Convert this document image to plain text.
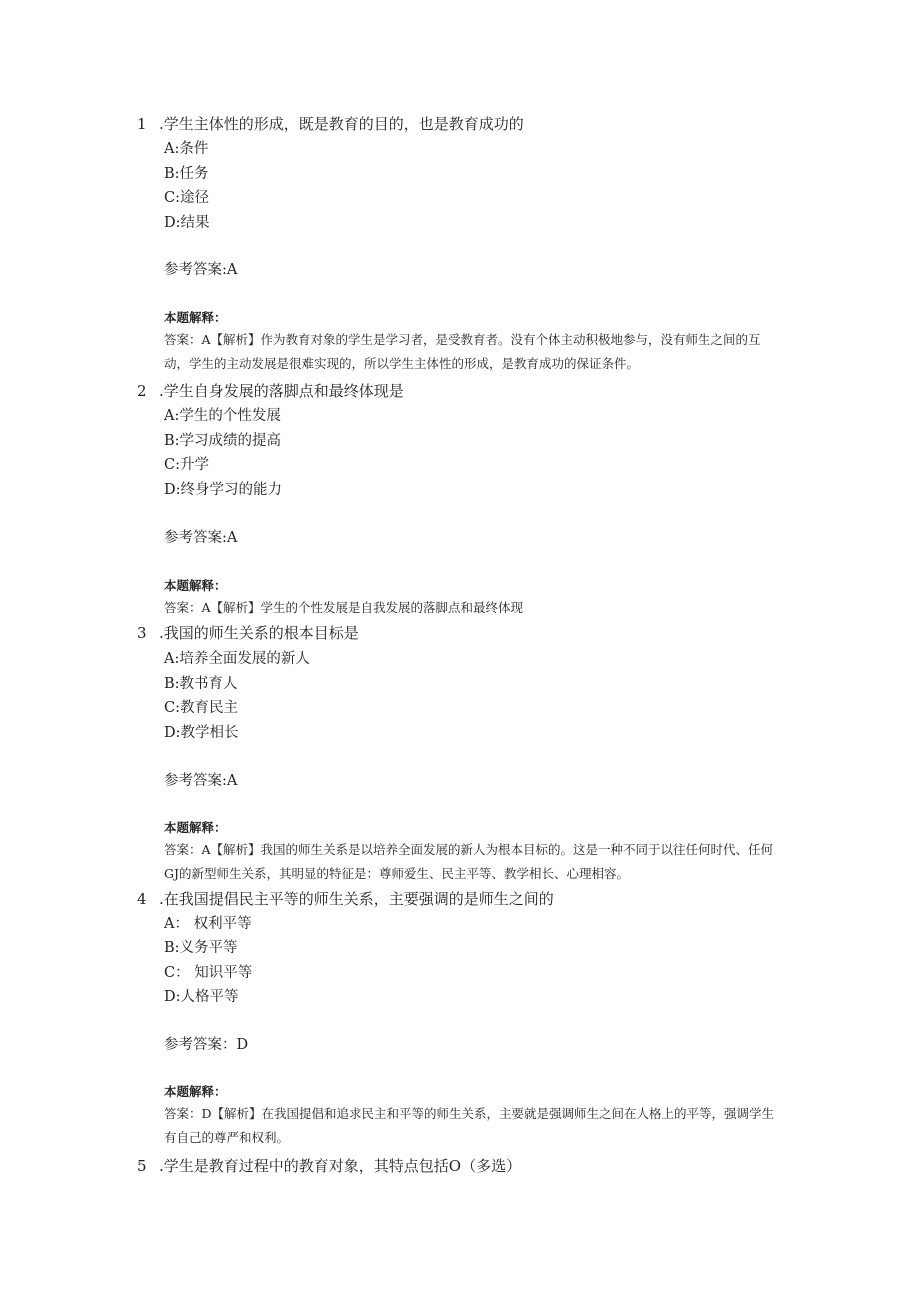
1 .学生主体性的形成，既是教育的目的，也是教育成功的
A:条件
B:任务
C:途径
D:结果
参考答案:A
本题解释：
答案：A【解析】作为教育对象的学生是学习者，是受教育者。没有个体主动积极地参与，没有师生之间的互动，学生的主动发展是很难实现的，所以学生主体性的形成，是教育成功的保证条件。
2 .学生自身发展的落脚点和最终体现是
A:学生的个性发展
B:学习成绩的提高
C:升学
D:终身学习的能力
参考答案:A
本题解释：
答案：A【解析】学生的个性发展是自我发展的落脚点和最终体现
3 .我国的师生关系的根本目标是
A:培养全面发展的新人
B:教书育人
C:教育民主
D:教学相长
参考答案:A
本题解释：
答案：A【解析】我国的师生关系是以培养全面发展的新人为根本目标的。这是一种不同于以往任何时代、任何GJ的新型师生关系，其明显的特征是：尊师爱生、民主平等、教学相长、心理相容。
4 .在我国提倡民主平等的师生关系，主要强调的是师生之间的
A： 权利平等
B:义务平等
C： 知识平等
D:人格平等
参考答案：D
本题解释：
答案：D【解析】在我国提倡和追求民主和平等的师生关系，主要就是强调师生之间在人格上的平等，强调学生有自己的尊严和权利。
5 .学生是教育过程中的教育对象，其特点包括O（多选）
